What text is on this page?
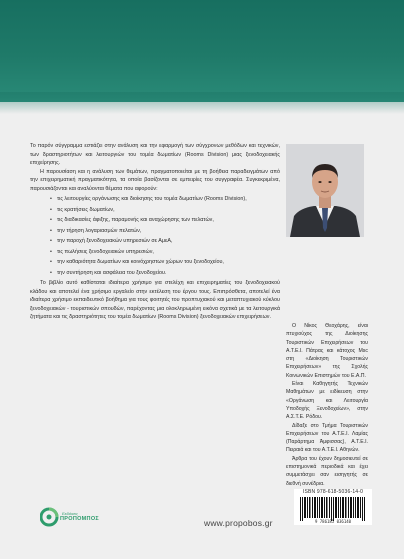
Το παρόν σύγγραμμα εστιάζει στην ανάλυση και την εφαρμογή των σύγχρονων μεθόδων και τεχνικών, των δραστηριοτήτων και λειτουργιών του τομέα δωματίων (Rooms Division) μιας ξενοδοχειακής επιχείρησης.

Η παρουσίαση και η ανάλυση των θεμάτων, πραγματοποιείται με τη βοήθεια παραδειγμάτων από την επιχειρηματική πραγματικότητα, τα οποία βασίζονται σε εμπειρίες του συγγραφέα. Συγκεκριμένα, παρουσιάζονται και αναλύονται θέματα που αφορούν:

• τις λειτουργίες οργάνωσης και διοίκησης του τομέα δωματίων (Rooms Division),
• τις κρατήσεις δωματίων,
• τις διαδικασίες άφιξης, παραμονής και αναχώρησης των πελατών,
• την τήρηση λογαριασμών πελατών,
• την παροχή ξενοδοχειακών υπηρεσιών σε ΑμεΑ,
• τις πωλήσεις ξενοδοχειακών υπηρεσιών,
• την καθαριότητα δωματίων και κοινόχρηστων χώρων του ξενοδοχείου,
• την συντήρηση και ασφάλεια του ξενοδοχείου.

Το βιβλίο αυτό καθίσταται ιδιαίτερα χρήσιμο για στελέχη και επιχειρηματίες του ξενοδοχειακού κλάδου και αποτελεί ένα χρήσιμο εργαλείο στην εκτέλεση του έργου τους. Επιπρόσθετα, αποτελεί ένα ιδιαίτερα χρήσιμο εκπαιδευτικό βοήθημα για τους φοιτητές του προπτυχιακού και μεταπτυχιακού κύκλου ξενοδοχειακών - τουριστικών σπουδών, παρέχοντας μια ολοκληρωμένη εικόνα σχετικά με τα λειτουργικά ζητήματα και τις δραστηριότητες του τομέα δωματίων (Rooms Division) ξενοδοχειακών επιχειρήσεων.

Ο Νίκος Θεοχάρης, είναι πτυχιούχος της Διοίκησης Τουριστικών Επιχειρήσεων του Α.Τ.Ε.Ι. Πάτρας και κάτοχος Msc στη «Διοίκηση Τουριστικών Επιχειρήσεων» της Σχολής Κοινωνικών Επιστημών του Ε.Α.Π.

Είναι Καθηγητής Τεχνικών Μαθημάτων με ειδίκευση στην «Οργάνωση και Λειτουργία Υποδοχής Ξενοδοχείων», στην Α.Σ.Τ.Ε. Ρόδου.

Δίδαξε στο Τμήμα Τουριστικών Επιχειρήσεων του Α.Τ.Ε.Ι. Λαμίας (Παράρτημα Άμφισσας), Α.Τ.Ε.Ι. Πειραιά και του Α.Τ.Ε.Ι. Αθηνών.

Άρθρα του έχουν δημοσιευτεί σε επιστημονικά περιοδικά και έχει συμμετάσχει σαν εισηγητής σε διεθνή συνέδρια.

Εκδόσεις
ΠΡΟΠΟΜΠΟΣ	www.propobos.gr
ISBN 978-618-5036-14-0
9 786185 036140
